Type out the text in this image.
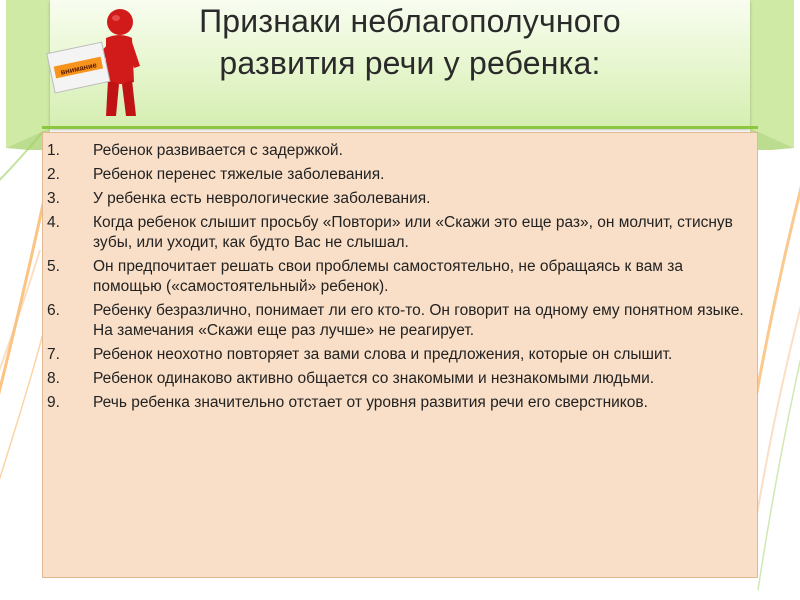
внимание
Признаки неблагополучного
развития речи у ребенка:
1. Ребенок развивается с задержкой.
2. Ребенок перенес тяжелые заболевания.
3. У ребенка есть неврологические заболевания.
4. Когда ребенок слышит просьбу «Повтори» или «Скажи это еще раз», он молчит, стиснув зубы, или уходит, как будто Вас не слышал.
5. Он предпочитает решать свои проблемы самостоятельно, не обращаясь к вам за помощью («самостоятельный» ребенок).
6. Ребенку безразлично, понимает ли его кто-то. Он говорит на одному ему понятном языке. На замечания «Скажи еще раз лучше» не реагирует.
7. Ребенок неохотно повторяет за вами слова и предложения, которые он слышит.
8. Ребенок одинаково активно общается со знакомыми и незнакомыми людьми.
9. Речь ребенка значительно отстает от уровня развития речи его сверстников.
